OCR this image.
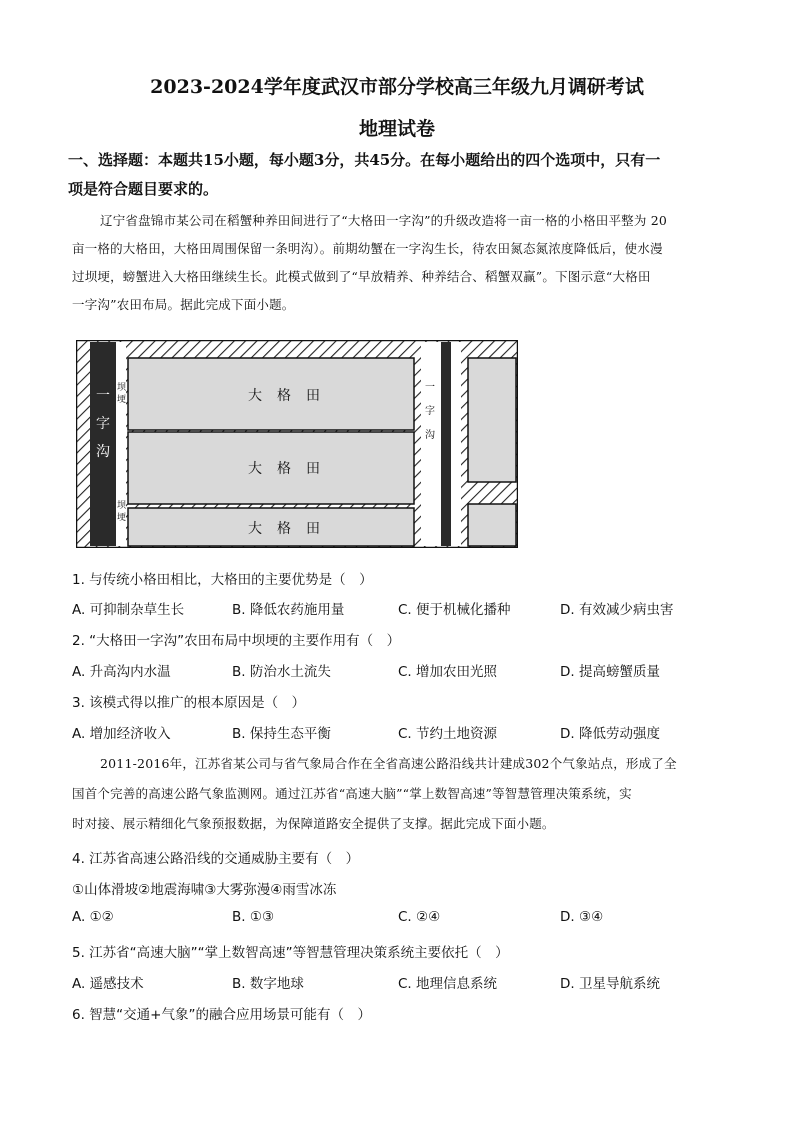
2023-2024学年度武汉市部分学校高三年级九月调研考试
地理试卷
一、选择题：本题共15小题，每小题3分，共45分。在每小题给出的四个选项中，只有一
项是符合题目要求的。
辽宁省盘锦市某公司在稻蟹种养田间进行了“大格田一字沟”的升级改造将一亩一格的小格田平整为 20
亩一格的大格田，大格田周围保留一条明沟）。前期幼蟹在一字沟生长，待农田氮态氮浓度降低后，使水漫
过坝埂，螃蟹进入大格田继续生长。此模式做到了“早放精养、种养结合、稻蟹双赢”。下图示意“大格田
一字沟”农田布局。据此完成下面小题。
大 格 田
大 格 田
大 格 田
一
字
沟
一
字
沟
坝
埂
坝
埂
1. 与传统小格田相比，大格田的主要优势是（　）
A. 可抑制杂草生长	B. 降低农药施用量	C. 便于机械化播种	D. 有效减少病虫害
2. “大格田一字沟”农田布局中坝埂的主要作用有（　）
A. 升高沟内水温	B. 防治水土流失	C. 增加农田光照	D. 提高螃蟹质量
3. 该模式得以推广的根本原因是（　）
A. 增加经济收入	B. 保持生态平衡	C. 节约土地资源	D. 降低劳动强度
2011-2016年，江苏省某公司与省气象局合作在全省高速公路沿线共计建成302个气象站点，形成了全
国首个完善的高速公路气象监测网。通过江苏省“高速大脑”“掌上数智高速”等智慧管理决策系统，实
时对接、展示精细化气象预报数据，为保障道路安全提供了支撑。据此完成下面小题。
4. 江苏省高速公路沿线的交通威胁主要有（　）
①山体滑坡②地震海啸③大雾弥漫④雨雪冰冻
A. ①②	B. ①③	C. ②④	D. ③④
5. 江苏省“高速大脑”“掌上数智高速”等智慧管理决策系统主要依托（　）
A. 遥感技术	B. 数字地球	C. 地理信息系统	D. 卫星导航系统
6. 智慧“交通+气象”的融合应用场景可能有（　）
